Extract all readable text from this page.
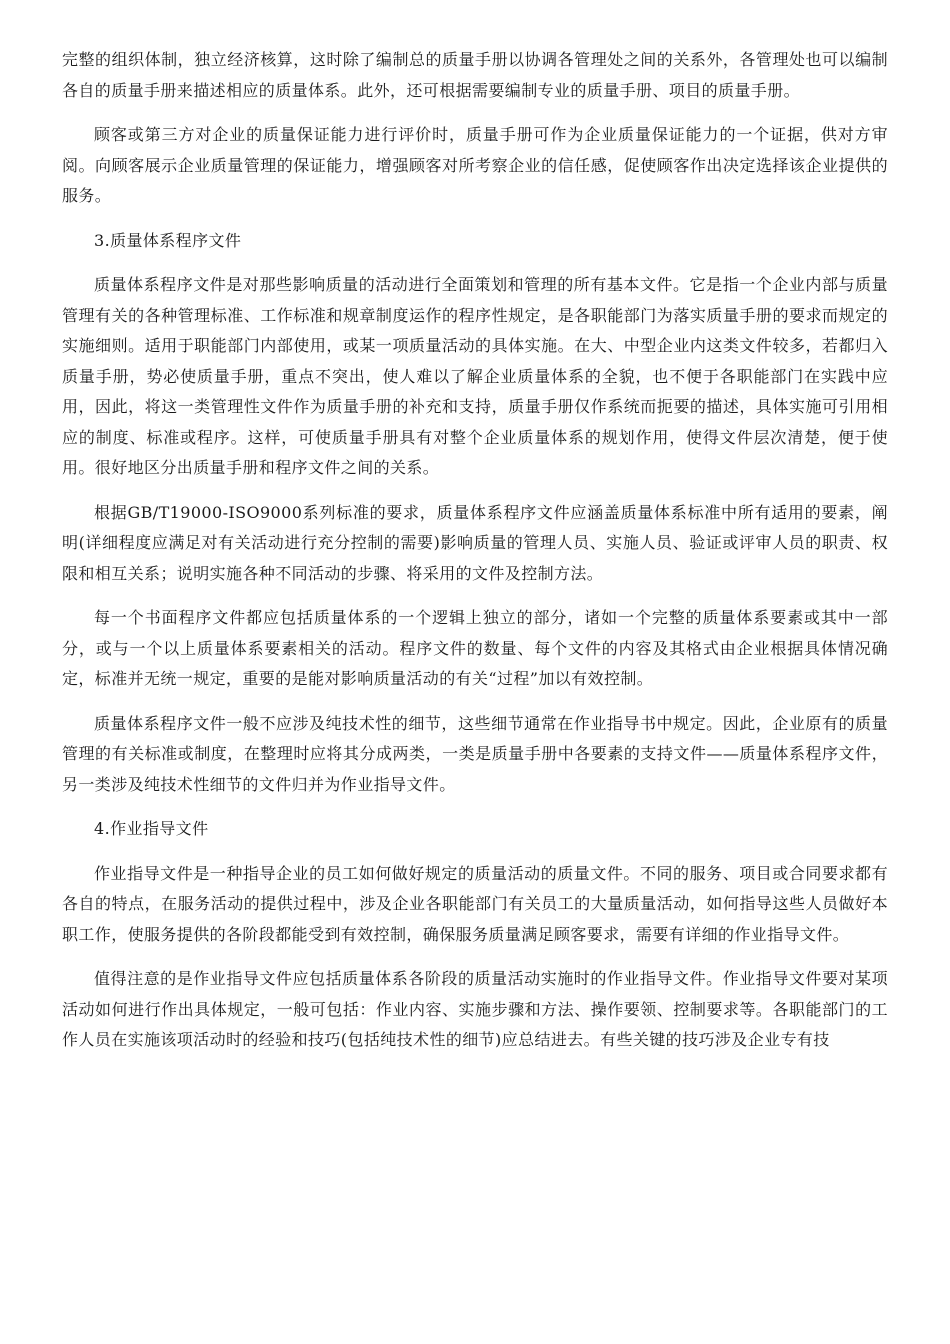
完整的组织体制，独立经济核算，这时除了编制总的质量手册以协调各管理处之间的关系外，各管理处也可以编制各自的质量手册来描述相应的质量体系。此外，还可根据需要编制专业的质量手册、项目的质量手册。

顾客或第三方对企业的质量保证能力进行评价时，质量手册可作为企业质量保证能力的一个证据，供对方审阅。向顾客展示企业质量管理的保证能力，增强顾客对所考察企业的信任感，促使顾客作出决定选择该企业提供的服务。

3.质量体系程序文件

质量体系程序文件是对那些影响质量的活动进行全面策划和管理的所有基本文件。它是指一个企业内部与质量管理有关的各种管理标准、工作标准和规章制度运作的程序性规定，是各职能部门为落实质量手册的要求而规定的实施细则。适用于职能部门内部使用，或某一项质量活动的具体实施。在大、中型企业内这类文件较多，若都归入质量手册，势必使质量手册，重点不突出，使人难以了解企业质量体系的全貌，也不便于各职能部门在实践中应用，因此，将这一类管理性文件作为质量手册的补充和支持，质量手册仅作系统而扼要的描述，具体实施可引用相应的制度、标准或程序。这样，可使质量手册具有对整个企业质量体系的规划作用，使得文件层次清楚，便于使用。很好地区分出质量手册和程序文件之间的关系。

根据GB/T19000-ISO9000系列标准的要求，质量体系程序文件应涵盖质量体系标准中所有适用的要素，阐明(详细程度应满足对有关活动进行充分控制的需要)影响质量的管理人员、实施人员、验证或评审人员的职责、权限和相互关系；说明实施各种不同活动的步骤、将采用的文件及控制方法。

每一个书面程序文件都应包括质量体系的一个逻辑上独立的部分，诸如一个完整的质量体系要素或其中一部分，或与一个以上质量体系要素相关的活动。程序文件的数量、每个文件的内容及其格式由企业根据具体情况确定，标准并无统一规定，重要的是能对影响质量活动的有关“过程”加以有效控制。

质量体系程序文件一般不应涉及纯技术性的细节，这些细节通常在作业指导书中规定。因此，企业原有的质量管理的有关标准或制度，在整理时应将其分成两类，一类是质量手册中各要素的支持文件——质量体系程序文件，另一类涉及纯技术性细节的文件归并为作业指导文件。

4.作业指导文件

作业指导文件是一种指导企业的员工如何做好规定的质量活动的质量文件。不同的服务、项目或合同要求都有各自的特点，在服务活动的提供过程中，涉及企业各职能部门有关员工的大量质量活动，如何指导这些人员做好本职工作，使服务提供的各阶段都能受到有效控制，确保服务质量满足顾客要求，需要有详细的作业指导文件。

值得注意的是作业指导文件应包括质量体系各阶段的质量活动实施时的作业指导文件。作业指导文件要对某项活动如何进行作出具体规定，一般可包括：作业内容、实施步骤和方法、操作要领、控制要求等。各职能部门的工作人员在实施该项活动时的经验和技巧(包括纯技术性的细节)应总结进去。有些关键的技巧涉及企业专有技
